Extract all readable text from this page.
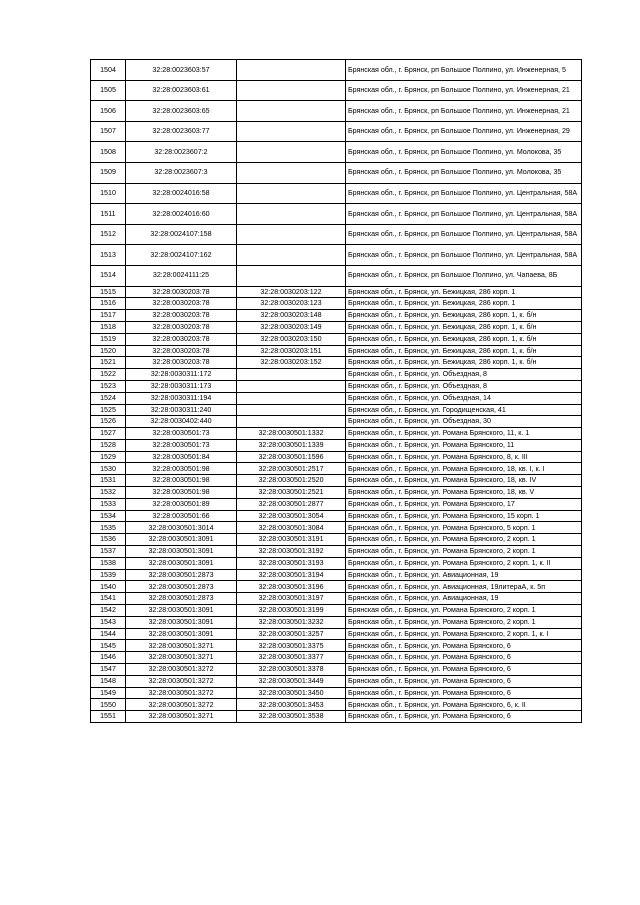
1504	32:28:0023603:57		Брянская обл., г. Брянск, рп Большое Полпино, ул. Инженерная, 5
1505	32:28:0023603:61		Брянская обл., г. Брянск, рп Большое Полпино, ул. Инженерная, 21
1506	32:28:0023603:65		Брянская обл., г. Брянск, рп Большое Полпино, ул. Инженерная, 21
1507	32:28:0023603:77		Брянская обл., г. Брянск, рп Большое Полпино, ул. Инженерная, 29
1508	32:28:0023607:2		Брянская обл., г. Брянск, рп Большое Полпино, ул. Молокова, 35
1509	32:28:0023607:3		Брянская обл., г. Брянск, рп Большое Полпино, ул. Молокова, 35
1510	32:28:0024016:58		Брянская обл., г. Брянск, рп Большое Полпино, ул. Центральная, 58А
1511	32:28:0024016:60		Брянская обл., г. Брянск, рп Большое Полпино, ул. Центральная, 58А
1512	32:28:0024107:158		Брянская обл., г. Брянск, рп Большое Полпино, ул. Центральная, 58А
1513	32:28:0024107:162		Брянская обл., г. Брянск, рп Большое Полпино, ул. Центральная, 58А
1514	32:28:0024111:25		Брянская обл., г. Брянск, рп Большое Полпино, ул. Чапаева, 8Б
1515	32:28:0030203:78	32:28:0030203:122	Брянская обл., г. Брянск, ул. Бежицкая, 286 корп. 1
1516	32:28:0030203:78	32:28:0030203:123	Брянская обл., г. Брянск, ул. Бежицкая, 286 корп. 1
1517	32:28:0030203:78	32:28:0030203:148	Брянская обл., г. Брянск, ул. Бежицкая, 286 корп. 1, к. б/н
1518	32:28:0030203:78	32:28:0030203:149	Брянская обл., г. Брянск, ул. Бежицкая, 286 корп. 1, к. б/н
1519	32:28:0030203:78	32:28:0030203:150	Брянская обл., г. Брянск, ул. Бежицкая, 286 корп. 1, к. б/н
1520	32:28:0030203:78	32:28:0030203:151	Брянская обл., г. Брянск, ул. Бежицкая, 286 корп. 1, к. б/н
1521	32:28:0030203:78	32:28:0030203:152	Брянская обл., г. Брянск, ул. Бежицкая, 286 корп. 1, к. б/н
1522	32:28:0030311:172		Брянская обл., г. Брянск, ул. Объездная, 8
1523	32:28:0030311:173		Брянская обл., г. Брянск, ул. Объездная, 8
1524	32:28:0030311:194		Брянская обл., г. Брянск, ул. Объездная, 14
1525	32:28:0030311:240		Брянская обл., г. Брянск, ул. Городищенская, 41
1526	32:28:0030402:440		Брянская обл., г. Брянск, ул. Объездная, 30
1527	32:28:0030501:73	32:28:0030501:1332	Брянская обл., г. Брянск, ул. Романа Брянского, 11, к. 1
1528	32:28:0030501:73	32:28:0030501:1339	Брянская обл., г. Брянск, ул. Романа Брянского, 11
1529	32:28:0030501:84	32:28:0030501:1596	Брянская обл., г. Брянск, ул. Романа Брянского, 8, к. III
1530	32:28:0030501:98	32:28:0030501:2517	Брянская обл., г. Брянск, ул. Романа Брянского, 18, кв. I, к. I
1531	32:28:0030501:98	32:28:0030501:2520	Брянская обл., г. Брянск, ул. Романа Брянского, 18, кв. IV
1532	32:28:0030501:98	32:28:0030501:2521	Брянская обл., г. Брянск, ул. Романа Брянского, 18, кв. V
1533	32:28:0030501:89	32:28:0030501:2877	Брянская обл., г. Брянск, ул. Романа Брянского, 17
1534	32:28:0030501:66	32:28:0030501:3054	Брянская обл., г. Брянск, ул. Романа Брянского, 15 корп. 1
1535	32:28:0030501:3014	32:28:0030501:3084	Брянская обл., г. Брянск, ул. Романа Брянского, 5 корп. 1
1536	32:28:0030501:3091	32:28:0030501:3191	Брянская обл., г. Брянск, ул. Романа Брянского, 2 корп. 1
1537	32:28:0030501:3091	32:28:0030501:3192	Брянская обл., г. Брянск, ул. Романа Брянского, 2 корп. 1
1538	32:28:0030501:3091	32:28:0030501:3193	Брянская обл., г. Брянск, ул. Романа Брянского, 2 корп. 1, к. II
1539	32:28:0030501:2873	32:28:0030501:3194	Брянская обл., г. Брянск, ул. Авиационная, 19
1540	32:28:0030501:2873	32:28:0030501:3196	Брянская обл., г. Брянск, ул. Авиационная, 19литераА, к. 5п
1541	32:28:0030501:2873	32:28:0030501:3197	Брянская обл., г. Брянск, ул. Авиационная, 19
1542	32:28:0030501:3091	32:28:0030501:3199	Брянская обл., г. Брянск, ул. Романа Брянского, 2 корп. 1
1543	32:28:0030501:3091	32:28:0030501:3232	Брянская обл., г. Брянск, ул. Романа Брянского, 2 корп. 1
1544	32:28:0030501:3091	32:28:0030501:3257	Брянская обл., г. Брянск, ул. Романа Брянского, 2 корп. 1, к. I
1545	32:28:0030501:3271	32:28:0030501:3375	Брянская обл., г. Брянск, ул. Романа Брянского, 6
1546	32:28:0030501:3271	32:28:0030501:3377	Брянская обл., г. Брянск, ул. Романа Брянского, 6
1547	32:28:0030501:3272	32:28:0030501:3378	Брянская обл., г. Брянск, ул. Романа Брянского, 6
1548	32:28:0030501:3272	32:28:0030501:3449	Брянская обл., г. Брянск, ул. Романа Брянского, 6
1549	32:28:0030501:3272	32:28:0030501:3450	Брянская обл., г. Брянск, ул. Романа Брянского, 6
1550	32:28:0030501:3272	32:28:0030501:3453	Брянская обл., г. Брянск, ул. Романа Брянского, 6, к. II
1551	32:28:0030501:3271	32:28:0030501:3538	Брянская обл., г. Брянск, ул. Романа Брянского, 6
